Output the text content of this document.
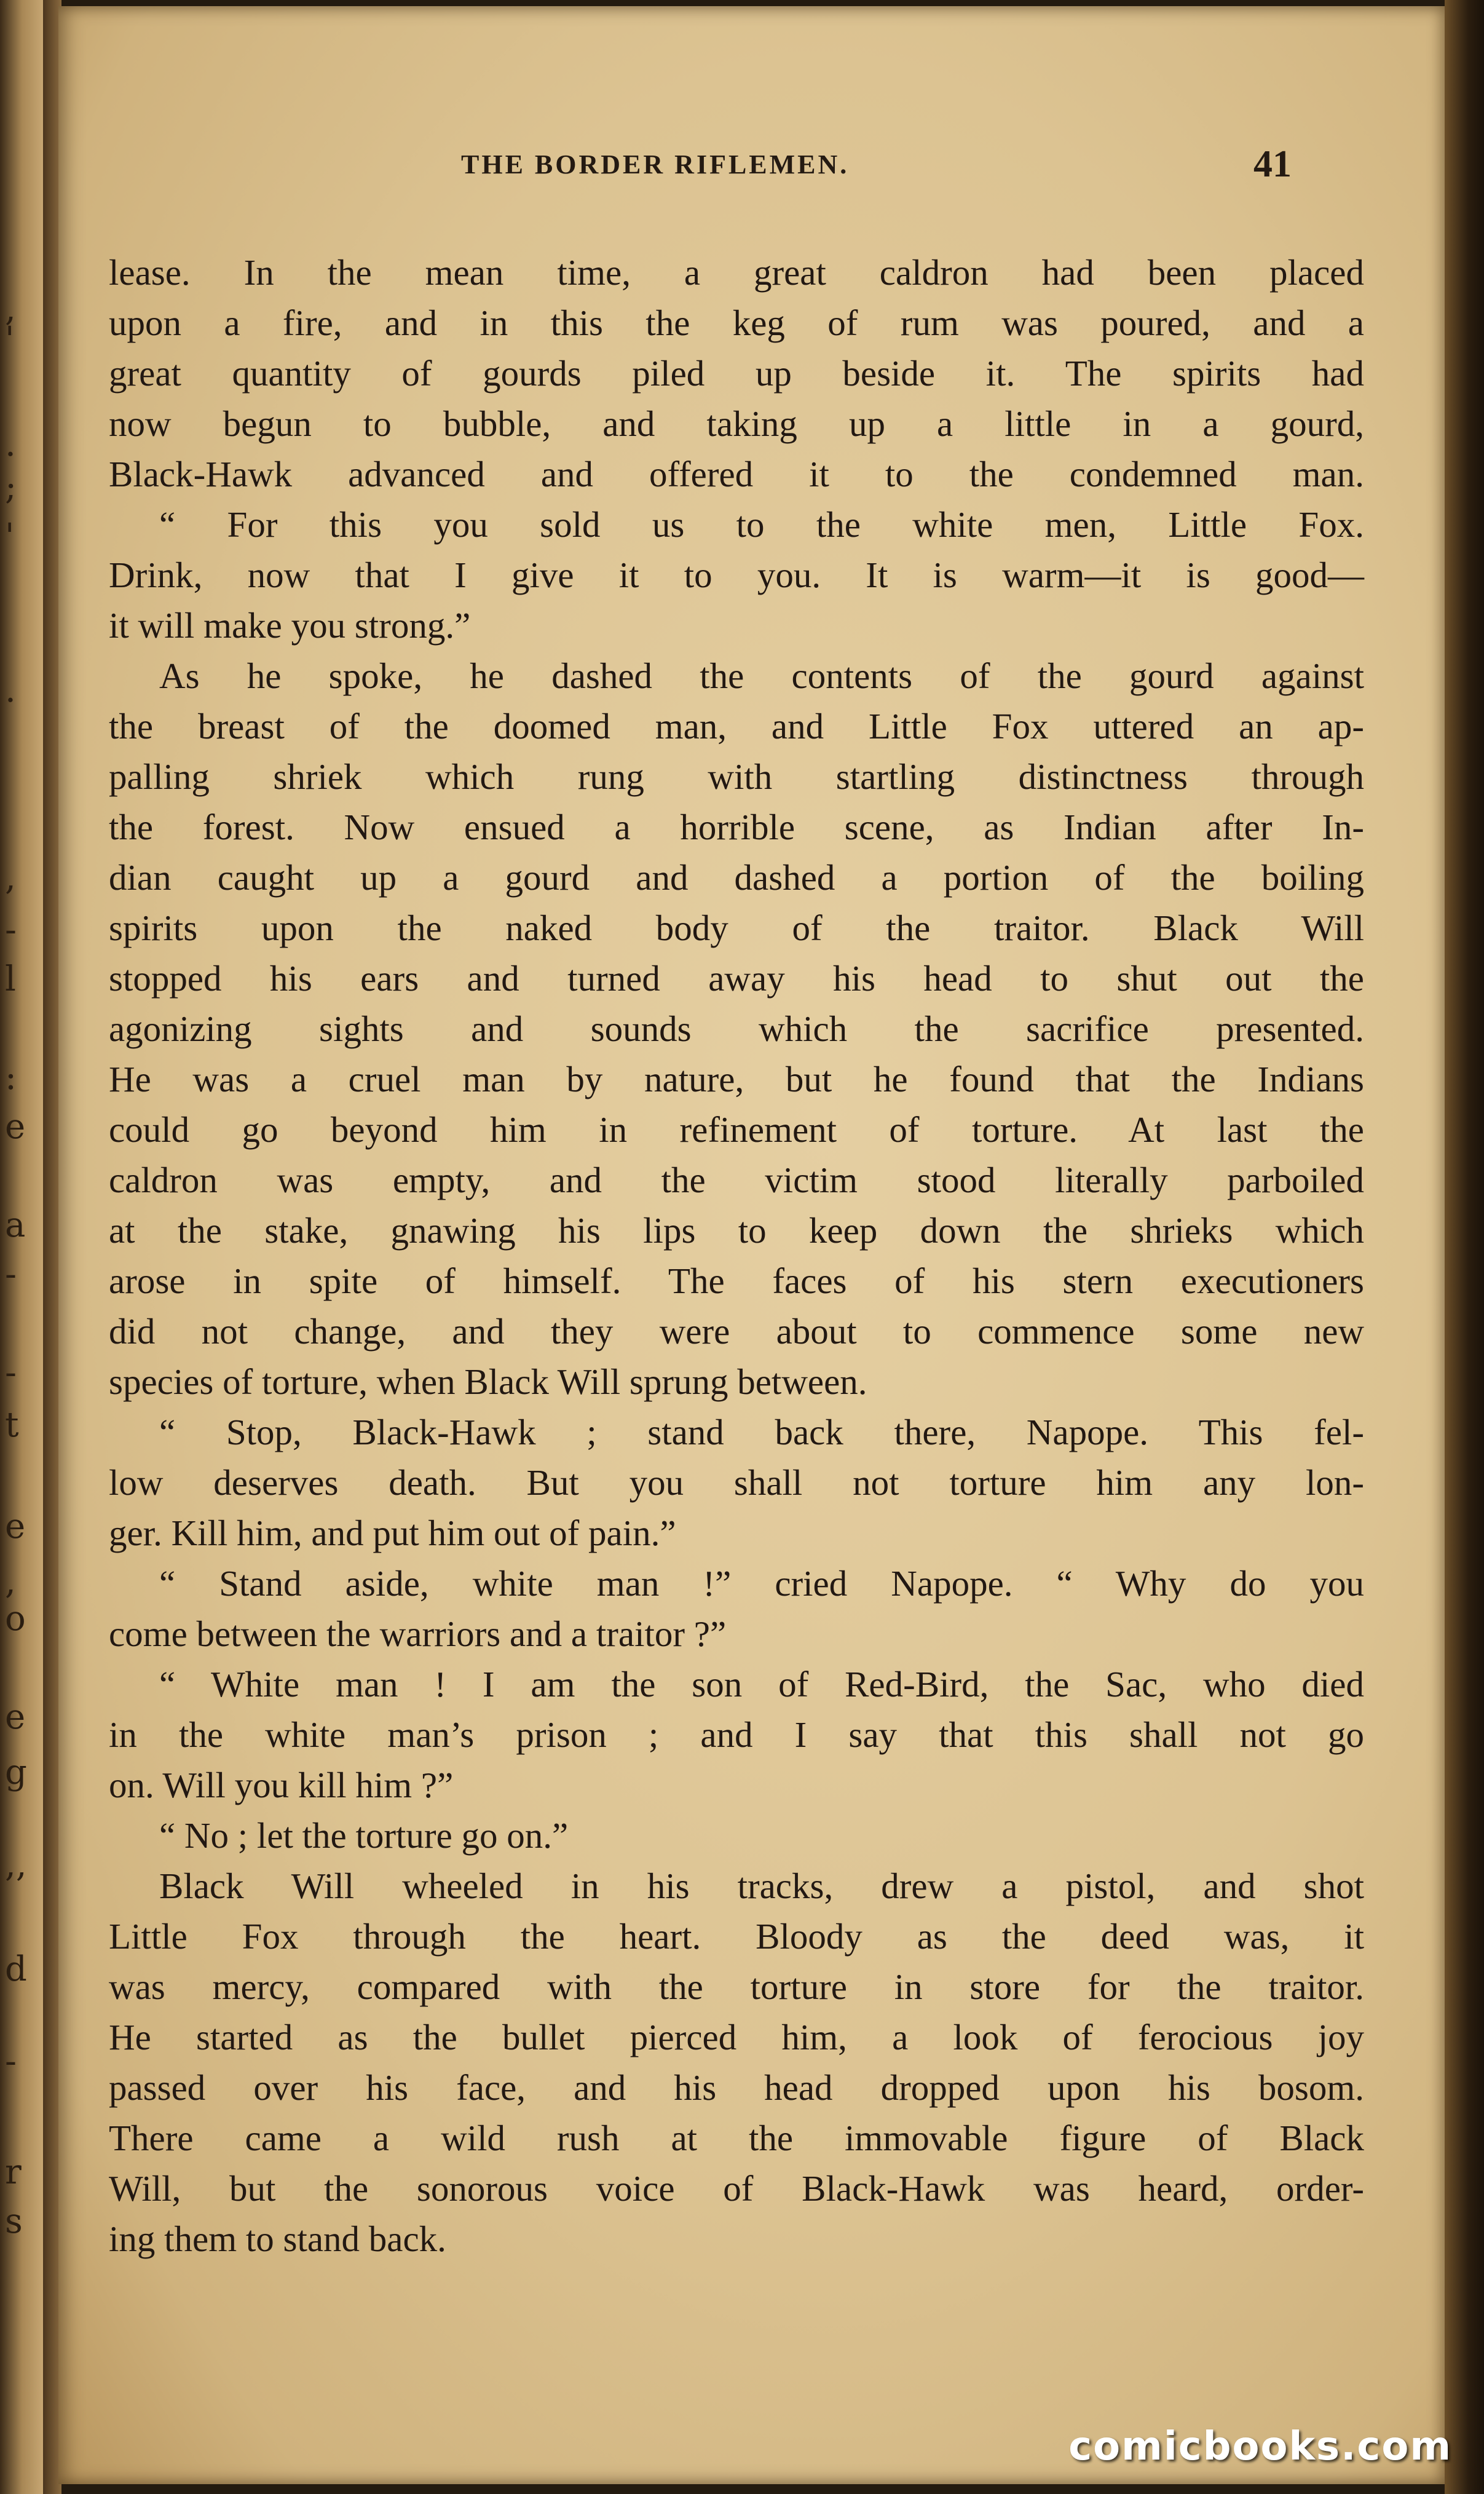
,
'
.
;
'
.
,
-
l
:
e
a
-
-
t
e
,
o
e
g
,,
d
-
r
s
THE BORDER RIFLEMEN.	41
lease. In the mean time, a great caldron had been placed
upon a fire, and in this the keg of rum was poured, and a
great quantity of gourds piled up beside it. The spirits had
now begun to bubble, and taking up a little in a gourd,
Black-Hawk advanced and offered it to the condemned man.
“ For this you sold us to the white men, Little Fox.
Drink, now that I give it to you. It is warm—it is good—
it will make you strong.”
As he spoke, he dashed the contents of the gourd against
the breast of the doomed man, and Little Fox uttered an ap-
palling shriek which rung with startling distinctness through
the forest. Now ensued a horrible scene, as Indian after In-
dian caught up a gourd and dashed a portion of the boiling
spirits upon the naked body of the traitor. Black Will
stopped his ears and turned away his head to shut out the
agonizing sights and sounds which the sacrifice presented.
He was a cruel man by nature, but he found that the Indians
could go beyond him in refinement of torture. At last the
caldron was empty, and the victim stood literally parboiled
at the stake, gnawing his lips to keep down the shrieks which
arose in spite of himself. The faces of his stern executioners
did not change, and they were about to commence some new
species of torture, when Black Will sprung between.
“ Stop, Black-Hawk ; stand back there, Napope. This fel-
low deserves death. But you shall not torture him any lon-
ger. Kill him, and put him out of pain.”
“ Stand aside, white man !” cried Napope. “ Why do you
come between the warriors and a traitor ?”
“ White man ! I am the son of Red-Bird, the Sac, who died
in the white man’s prison ; and I say that this shall not go
on. Will you kill him ?”
“ No ; let the torture go on.”
Black Will wheeled in his tracks, drew a pistol, and shot
Little Fox through the heart. Bloody as the deed was, it
was mercy, compared with the torture in store for the traitor.
He started as the bullet pierced him, a look of ferocious joy
passed over his face, and his head dropped upon his bosom.
There came a wild rush at the immovable figure of Black
Will, but the sonorous voice of Black-Hawk was heard, order-
ing them to stand back.
comicbooks.com
